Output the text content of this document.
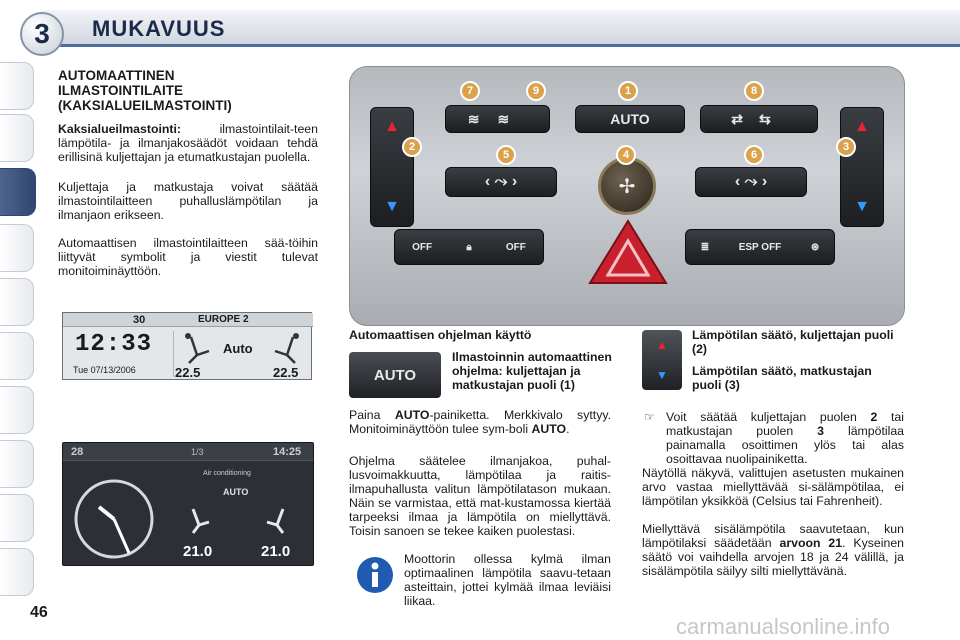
3	MUKAVUUS
AUTOMAATTINEN
ILMASTOINTILAITE
(KAKSIALUEILMASTOINTI)
Kaksialueilmastointi: ilmastointilait-teen lämpötila- ja ilmanjakosäädöt voidaan tehdä erillisinä kuljettajan ja etumatkustajan puolella.
Kuljettaja ja matkustaja voivat säätää ilmastointilaitteen puhalluslämpötilan ja ilmanjaon erikseen.
Automaattisen ilmastointilaitteen sää-töihin liittyvät symbolit ja viestit tulevat monitoiminäyttöön.
30	EUROPE 2
12:33
Tue 07/13/2006
Auto
22.5	22.5
28	1/3	14:25
Air conditioning
AUTO
21.0	21.0
▲
▼
▲
▼
≋≋	AUTO	⇄⇆
‹ ⤳ ›	‹ ⤳ ›
✢
OFF	🔒︎	OFF	≣	ESP OFF	⊛
7	9	1	8
2
5	4	6
3
Automaattisen ohjelman käyttö
AUTO
Ilmastoinnin automaattinen ohjelma: kuljettajan ja matkustajan puoli (1)
Paina AUTO-painiketta. Merkkivalo syttyy. Monitoiminäyttöön tulee sym-boli AUTO.
Ohjelma säätelee ilmanjakoa, puhal-lusvoimakkuutta, lämpötilaa ja raitis-ilmapuhallusta valitun lämpötilatason mukaan. Näin se varmistaa, että mat-kustamossa kiertää tarpeeksi ilmaa ja lämpötila on miellyttävä. Toisin sanoen se tekee kaiken puolestasi.
Moottorin ollessa kylmä ilman optimaalinen lämpötila saavu-tetaan asteittain, jottei kylmää ilmaa leviäisi liikaa.
▲
▼
Lämpötilan säätö, kuljettajan puoli (2)
Lämpötilan säätö, matkustajan puoli (3)
☞ Voit säätää kuljettajan puolen 2 tai matkustajan puolen 3 lämpötilaa painamalla osoittimen ylös tai alas osoittavaa nuolipainiketta.
Näytöllä näkyvä, valittujen asetusten mukainen arvo vastaa miellyttävää si-sälämpötilaa, ei lämpötilan yksikköä (Celsius tai Fahrenheit).
Miellyttävä sisälämpötila saavutetaan, kun lämpötilaksi säädetään arvoon 21. Kyseinen säätö voi vaihdella arvojen 18 ja 24 välillä, ja sisälämpötila säilyy silti miellyttävänä.
46
carmanualsonline.info
